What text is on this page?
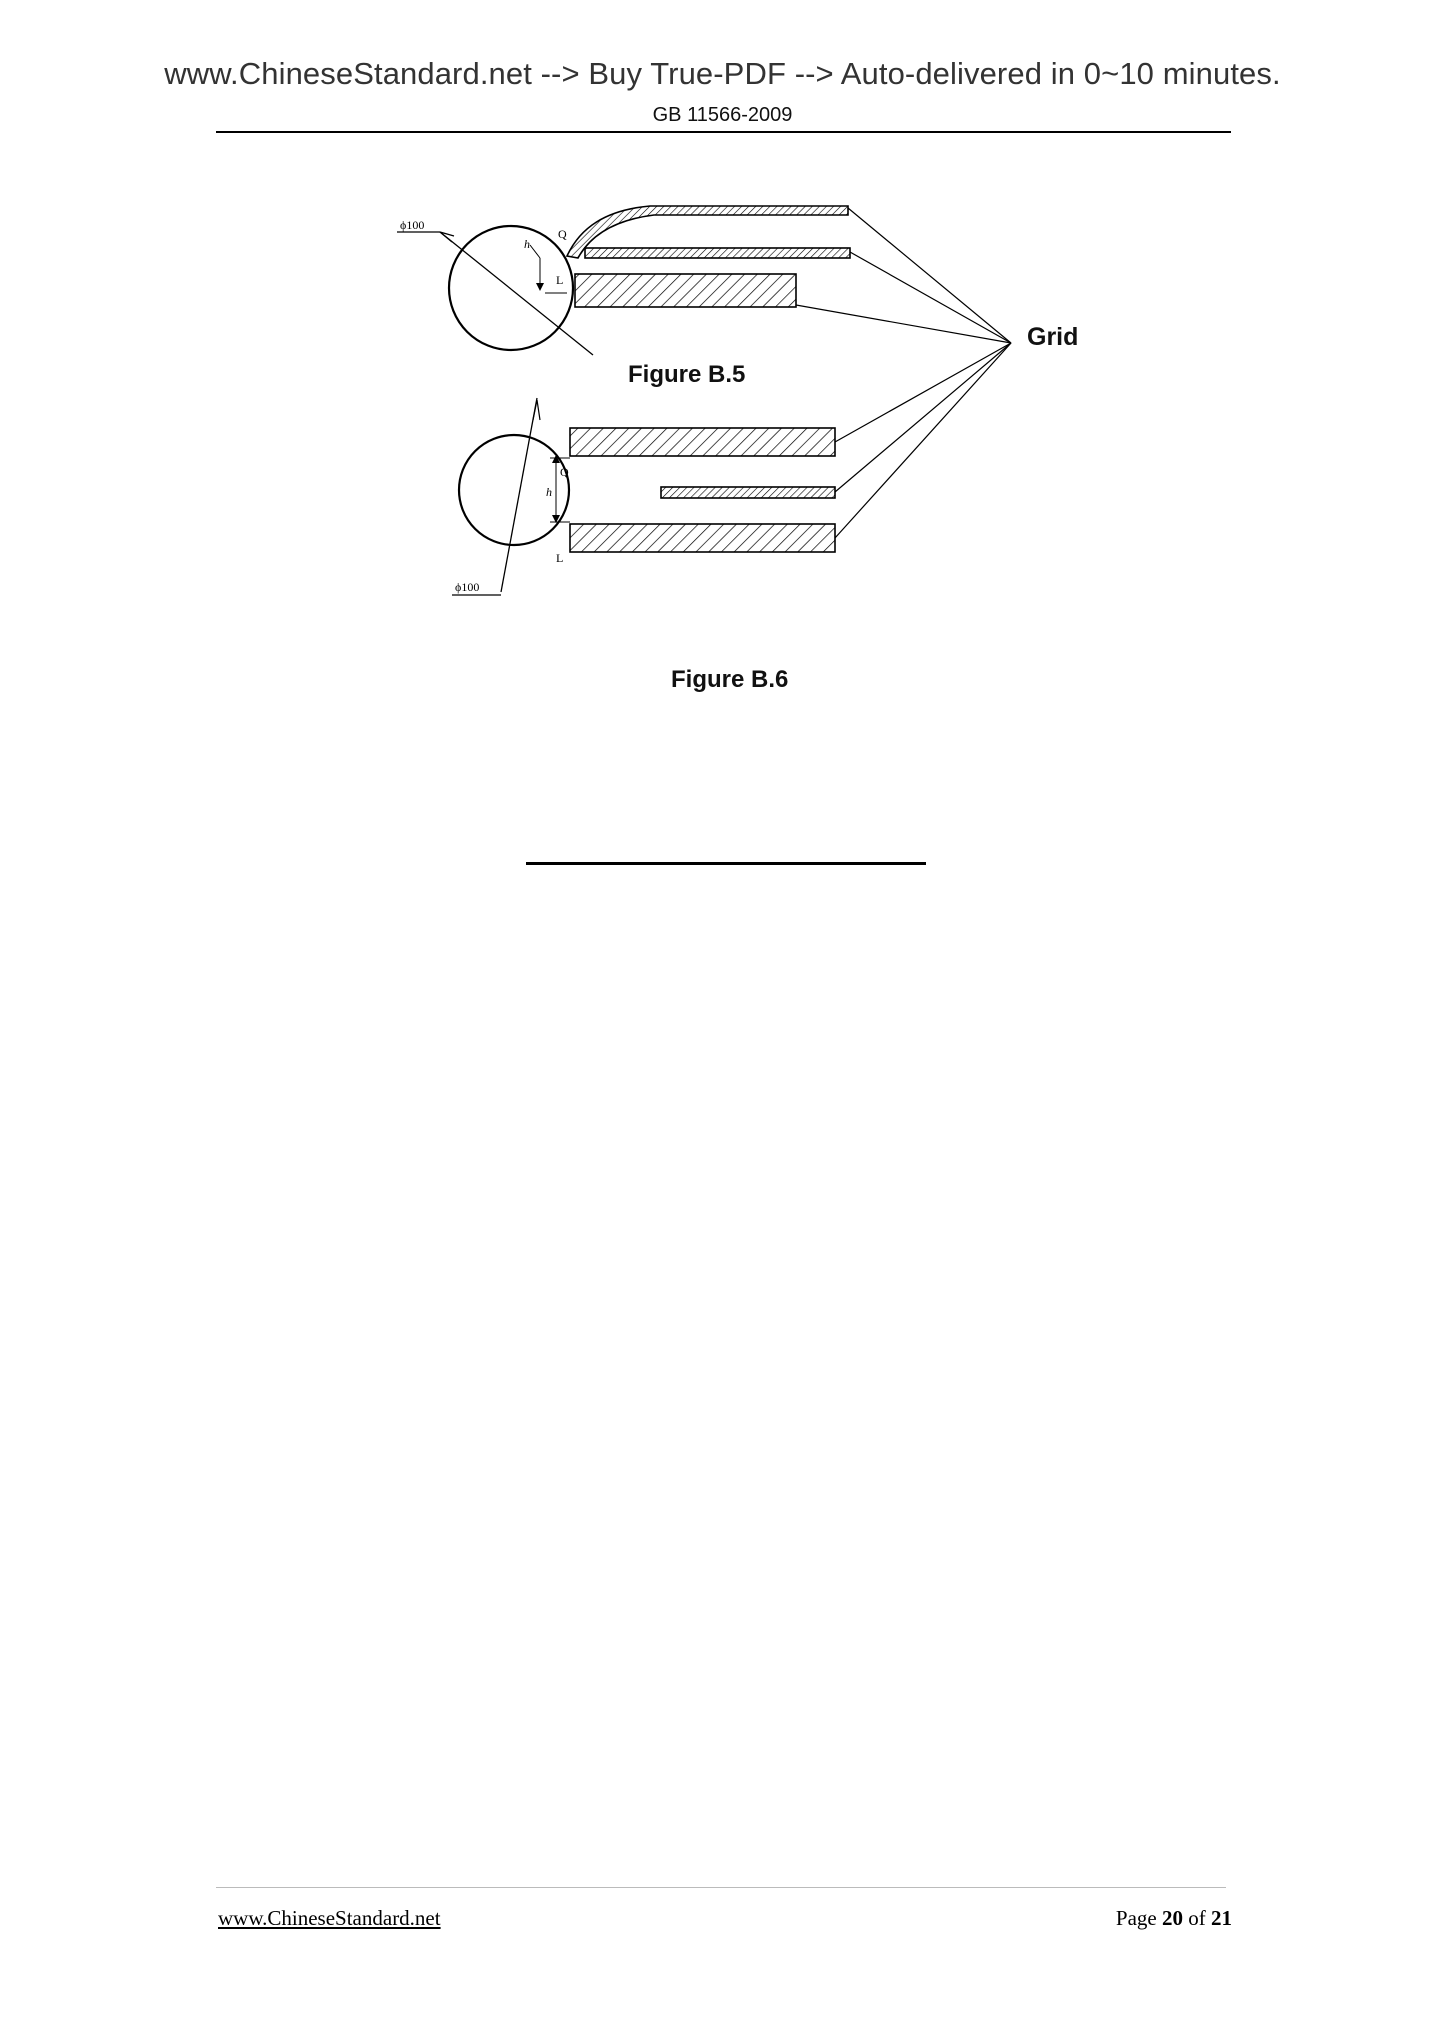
www.ChineseStandard.net --> Buy True-PDF --> Auto-delivered in 0~10 minutes.
GB 11566-2009
h
Q
L
ϕ100
h
Q
L
ϕ100
Grid
Figure B.5
Figure B.6
www.ChineseStandard.net	Page 20 of 21
